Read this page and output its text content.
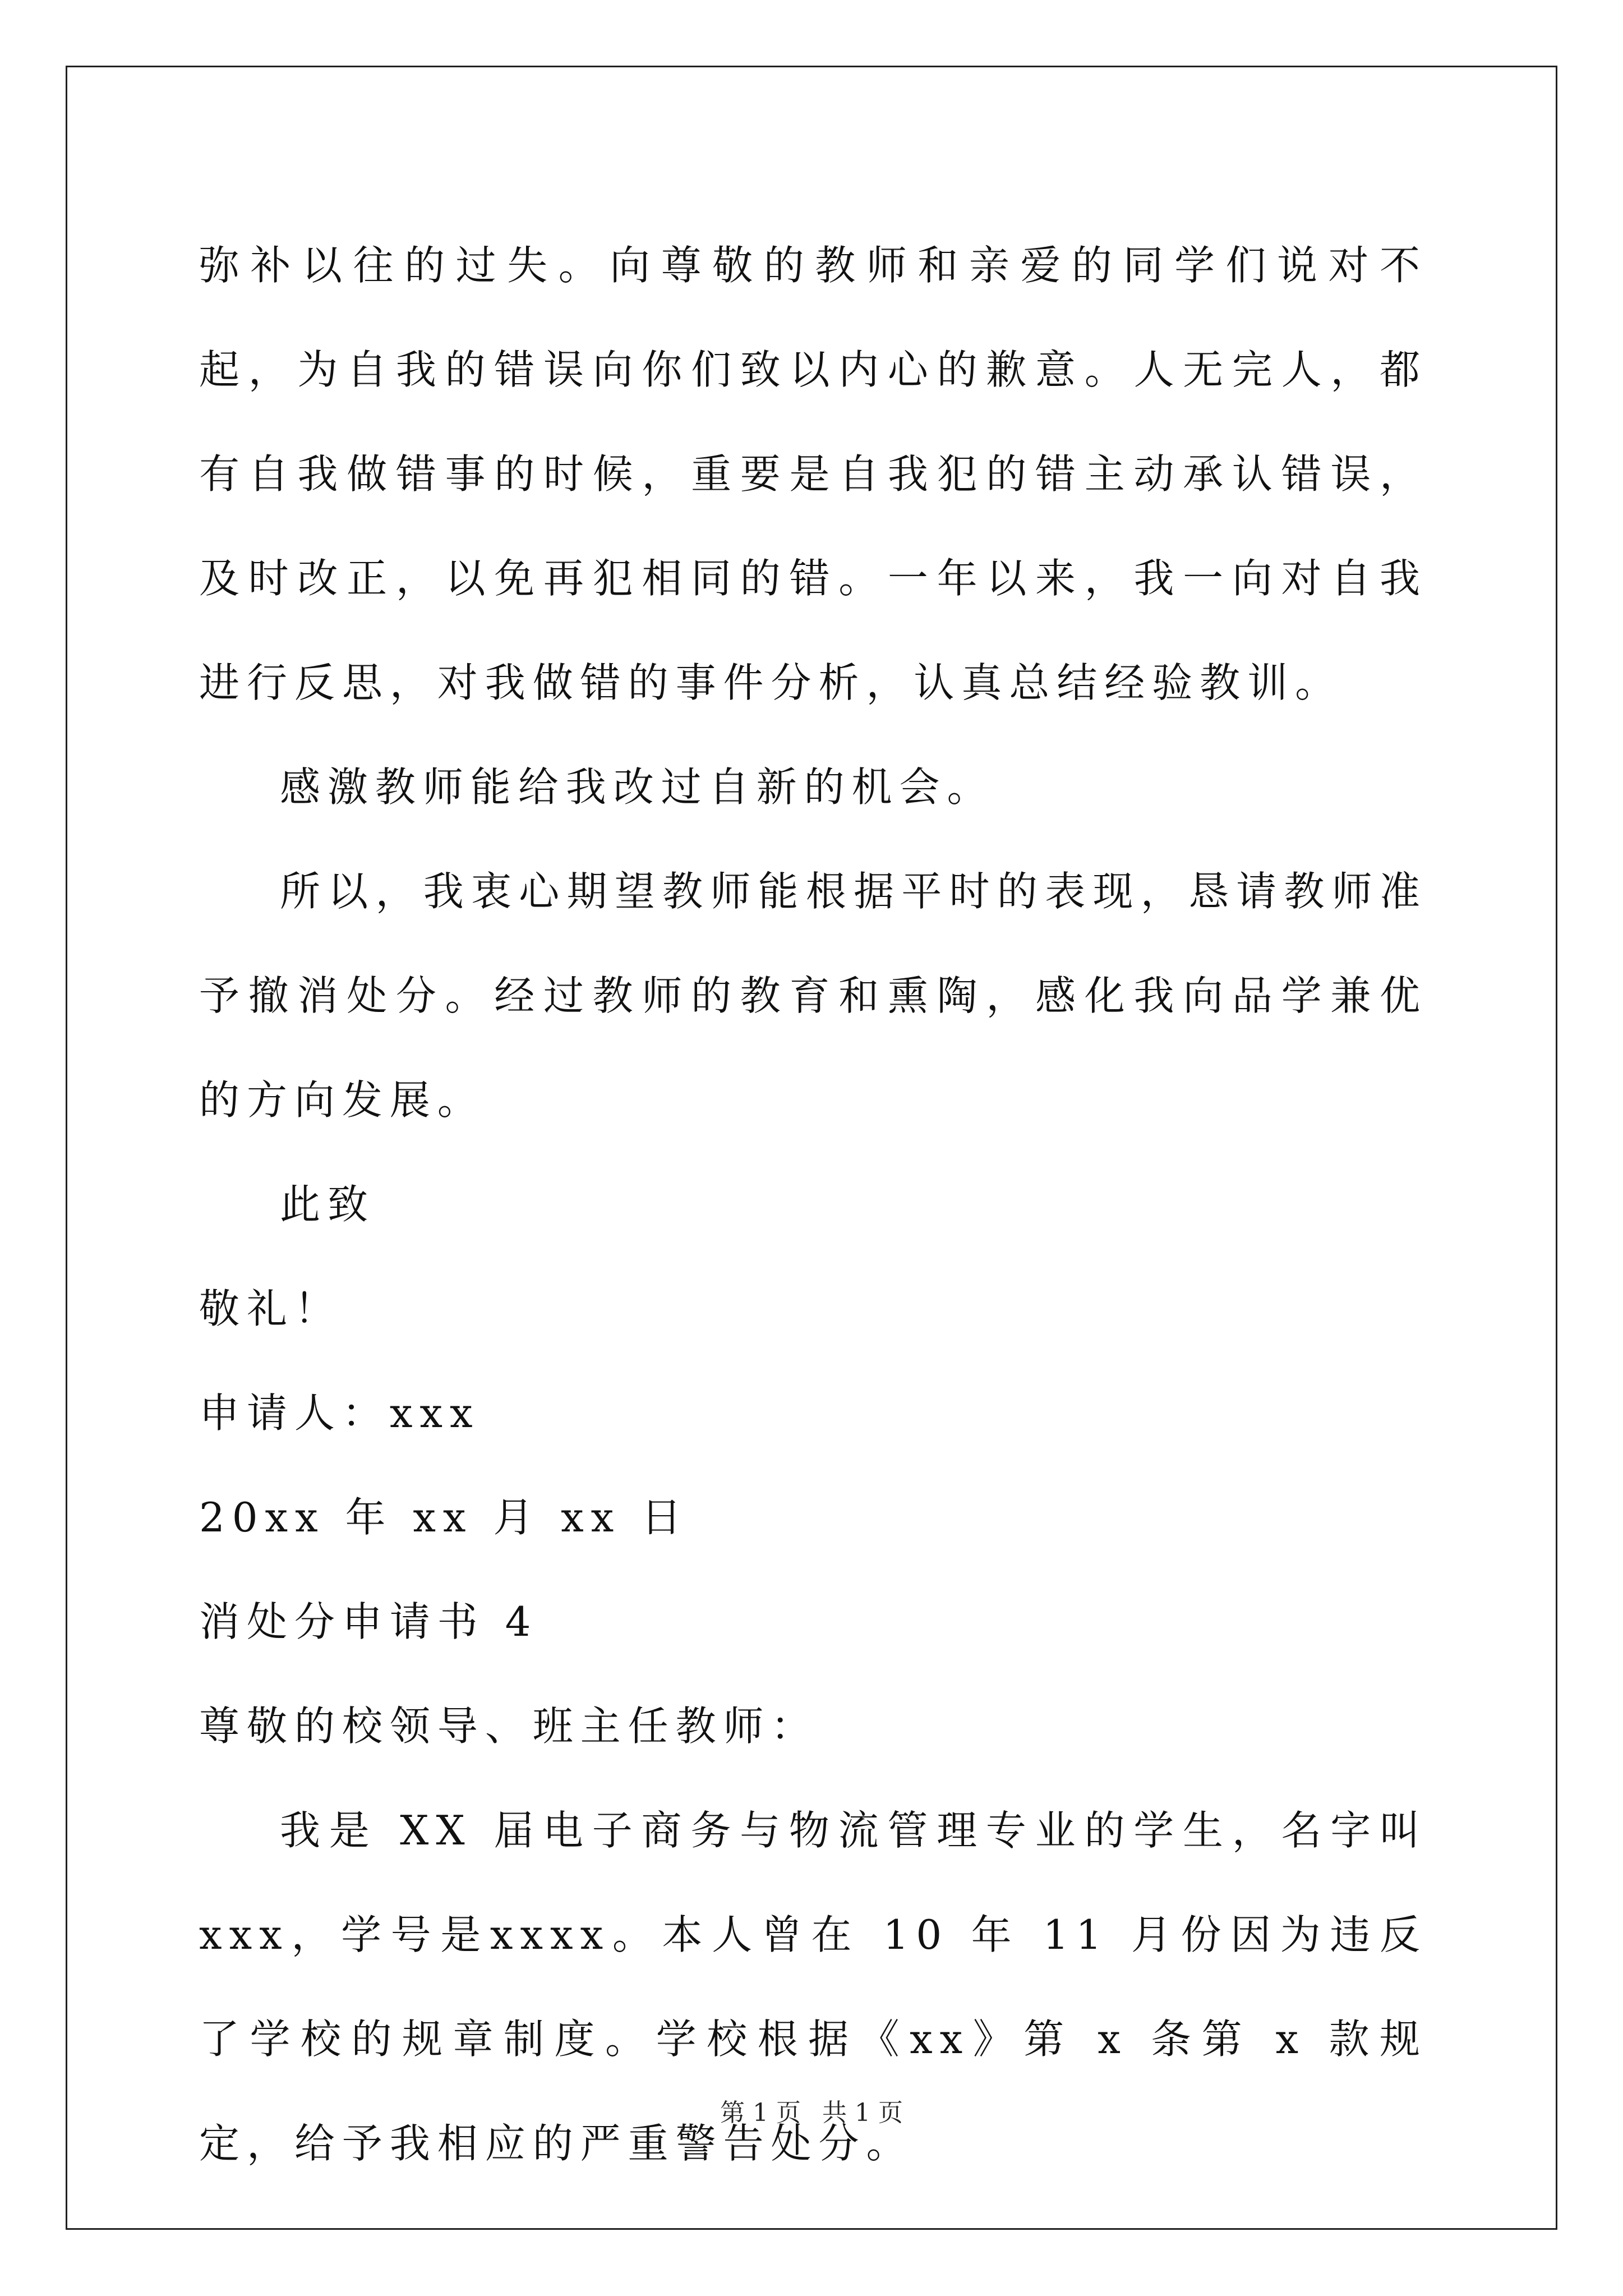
弥补以往的过失。向尊敬的教师和亲爱的同学们说对不起，为自我的错误向你们致以内心的歉意。人无完人，都有自我做错事的时候，重要是自我犯的错主动承认错误，及时改正，以免再犯相同的错。一年以来，我一向对自我进行反思，对我做错的事件分析，认真总结经验教训。

感激教师能给我改过自新的机会。

所以，我衷心期望教师能根据平时的表现，恳请教师准予撤消处分。经过教师的教育和熏陶，感化我向品学兼优的方向发展。

此致

敬礼！

申请人：xxx

20xx 年 xx 月 xx 日

消处分申请书 4

尊敬的校领导、班主任教师：

我是 XX 届电子商务与物流管理专业的学生，名字叫 xxx，学号是xxxx。本人曾在 10 年 11 月份因为违反了学校的规章制度。学校根据《xx》第 x 条第 x 款规定，给予我相应的严重警告处分。

第 1 页 共 1 页
